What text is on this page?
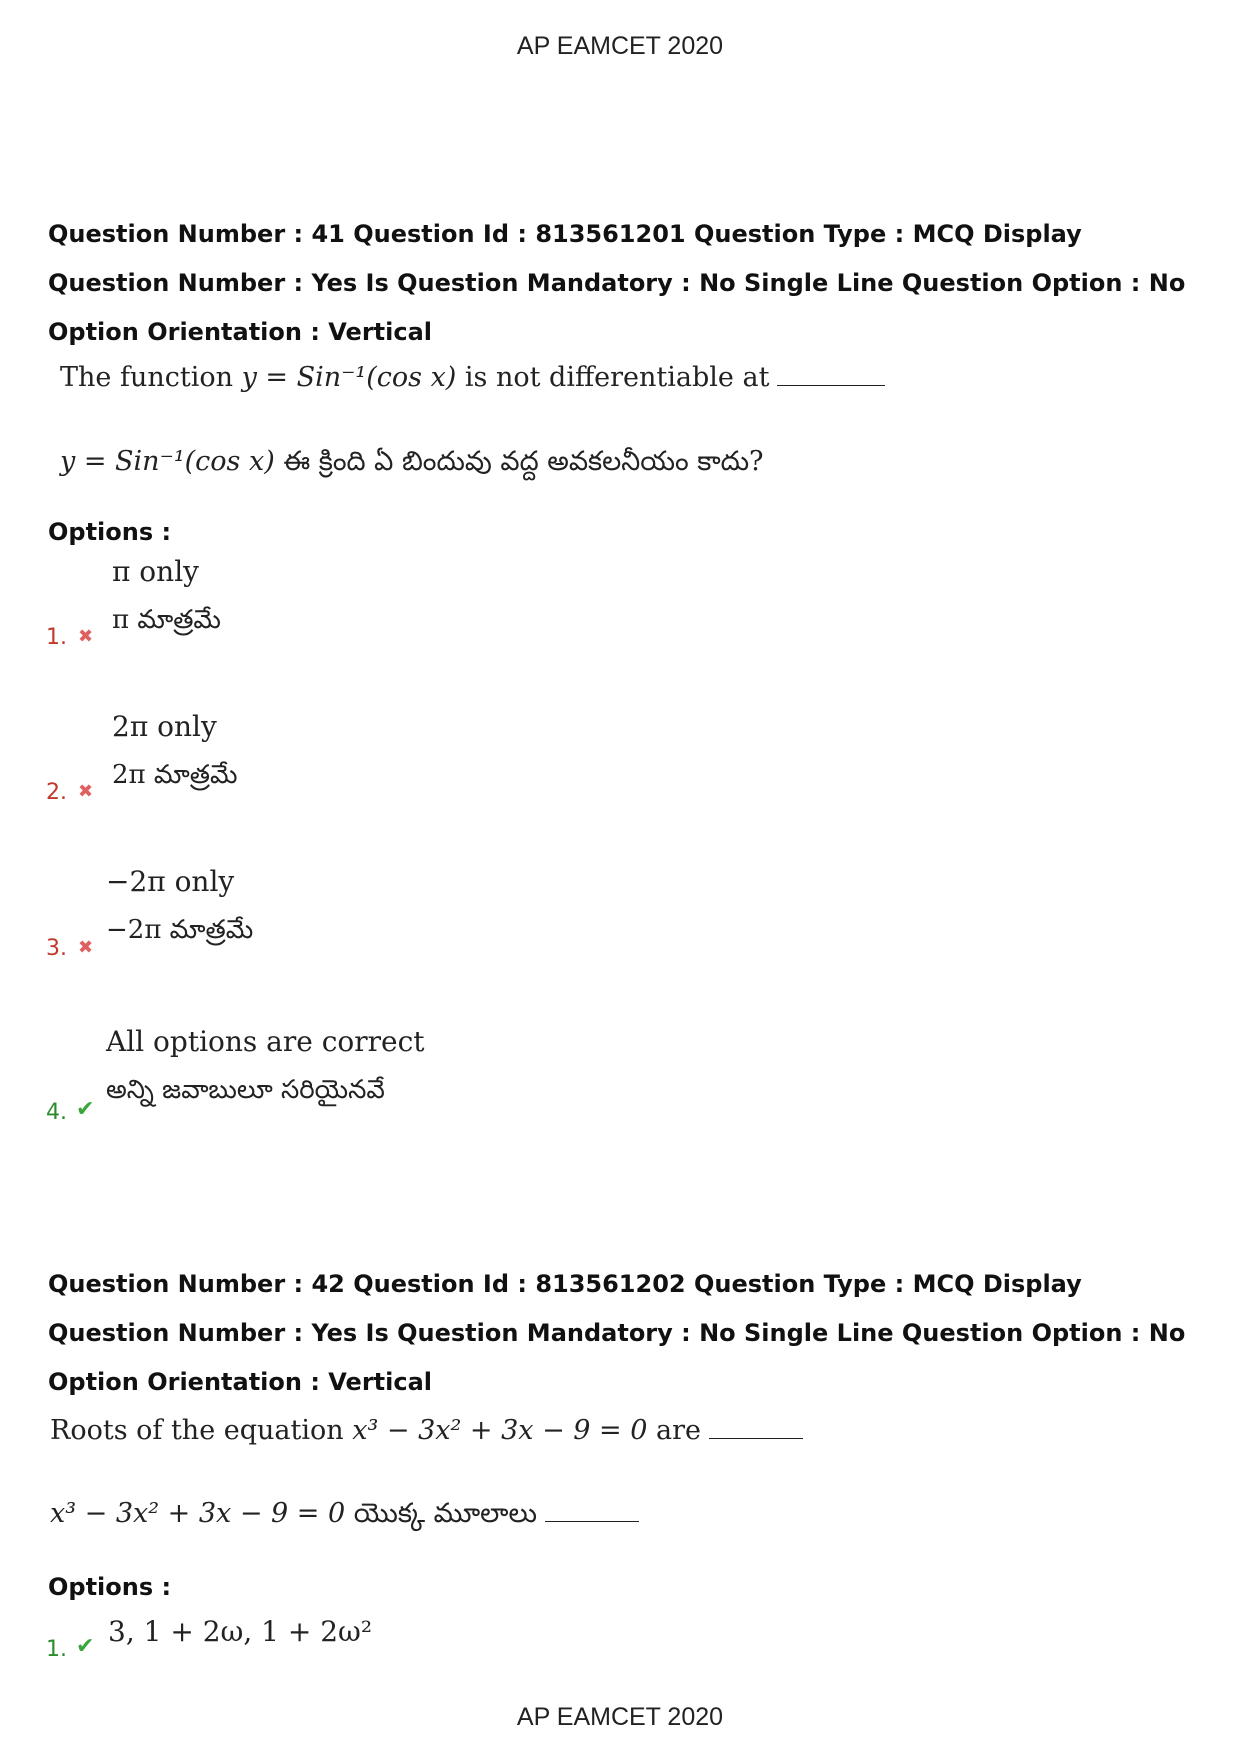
AP EAMCET 2020
Question Number : 41 Question Id : 813561201 Question Type : MCQ Display Question Number : Yes Is Question Mandatory : No Single Line Question Option : No Option Orientation : Vertical
The function y = Sin⁻¹(cos x) is not differentiable at
y = Sin⁻¹(cos x) ఈ క్రింది ఏ బిందువు వద్ద అవకలనీయం కాదు?
Options :
π only
π మాత్రమే
1. ✖
2π only
2π మాత్రమే
2. ✖
−2π only
−2π మాత్రమే
3. ✖
All options are correct
అన్ని జవాబులూ సరియైనవే
4. ✔
Question Number : 42 Question Id : 813561202 Question Type : MCQ Display Question Number : Yes Is Question Mandatory : No Single Line Question Option : No Option Orientation : Vertical
Roots of the equation x³ − 3x² + 3x − 9 = 0 are
x³ − 3x² + 3x − 9 = 0 యొక్క మూలాలు
Options :
3, 1 + 2ω, 1 + 2ω²
1. ✔
AP EAMCET 2020
